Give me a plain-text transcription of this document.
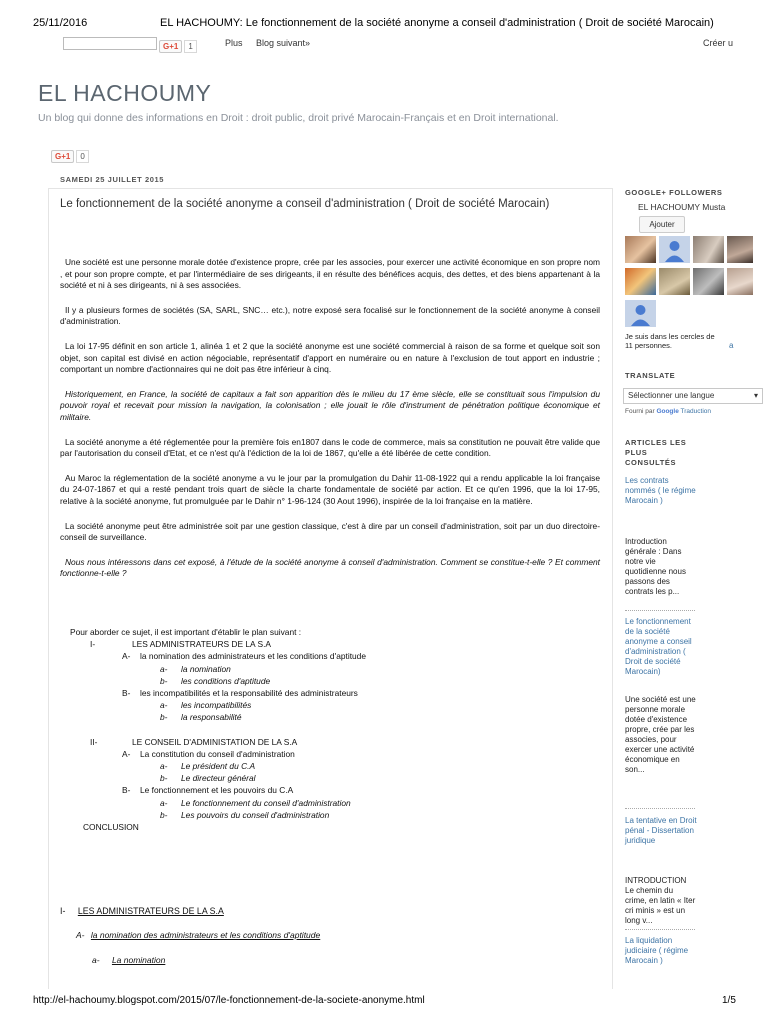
25/11/2016	EL HACHOUMY: Le fonctionnement de la société anonyme a conseil d'administration ( Droit de société Marocain)
G+1 1	Plus Blog suivant»	Créer u
EL HACHOUMY
Un blog qui donne des informations en Droit : droit public, droit privé Marocain-Français et en Droit international.
G+1 0
SAMEDI 25 JUILLET 2015
Le fonctionnement de la société anonyme a conseil d'administration ( Droit de société Marocain)

Une société est une personne morale dotée d'existence propre, crée par les associes, pour exercer une activité économique en son propre nom , et pour son propre compte, et par l'intermédiaire de ses dirigeants, il en résulte des bénéfices acquis, des dettes, et des biens appartenant à la société et ni à ses dirigeants, ni à ses associées.

Il y a plusieurs formes de sociétés (SA, SARL, SNC… etc.), notre exposé sera focalisé sur le fonctionnement de la société anonyme à conseil d'administration.

La loi 17-95 définit en son article 1, alinéa 1 et 2 que la société anonyme est une société commercial à raison de sa forme et quelque soit son objet, son capital est divisé en action négociable, représentatif d'apport en numéraire ou en nature à l'exclusion de tout apport en industrie ; comportant un nombre d'actionnaires qui ne doit pas être inférieur à cinq.

Historiquement, en France, la société de capitaux a fait son apparition dès le milieu du 17 ème siècle, elle se constituait sous l'impulsion du pouvoir royal et recevait pour mission la navigation, la colonisation ; elle jouait le rôle d'instrument de pénétration politique économique et militaire.

La société anonyme a été réglementée pour la première fois en1807 dans le code de commerce, mais sa constitution ne pouvait être valide que par l'autorisation du conseil d'Etat, et ce n'est qu'à l'édiction de la loi de 1867, qu'elle a été libérée de cette condition.

Au Maroc la réglementation de la société anonyme a vu le jour par la promulgation du Dahir 11-08-1922 qui a rendu applicable la loi française du 24-07-1867 et qui a resté pendant trois quart de siècle la charte fondamentale de société par action. Et ce qu'en 1996, que la loi 17-95, relative à la société anonyme, fut promulguée par le Dahir n° 1-96-124 (30 Aout 1996), inspirée de la loi française en la matière.

La société anonyme peut être administrée soit par une gestion classique, c'est à dire par un conseil d'administration, soit par un duo directoire- conseil de surveillance.

Nous nous intéressons dans cet exposé, à l'étude de la société anonyme à conseil d'administration. Comment se constitue-t-elle ? Et comment fonctionne-t-elle ?

Pour aborder ce sujet, il est important d'établir le plan suivant :
I-	LES ADMINISTRATEURS DE LA S.A
A- la nomination des administrateurs et les conditions d'aptitude
a- la nomination
b- les conditions d'aptitude
B- les incompatibilités et la responsabilité des administrateurs
a- les incompatibilités
b- la responsabilité
II-	LE CONSEIL D'ADMINISTATION DE LA S.A
A- La constitution du conseil d'administration
a- Le président du C.A
b- Le directeur général
B- Le fonctionnement et les pouvoirs du C.A
a- Le fonctionnement du conseil d'administration
b- Les pouvoirs du conseil d'administration
CONCLUSION
I- LES ADMINISTRATEURS DE LA S.A
A- la nomination des administrateurs et les conditions d'aptitude
a- La nomination
GOOGLE+ FOLLOWERS
EL HACHOUMY Musta
Ajouter
Je suis dans les cercles de 11 personnes.	a
TRANSLATE
Sélectionner une langue	▾
Fourni par Google Traduction
ARTICLES LES PLUS CONSULTÉS
Les contrats nommés ( le régime Marocain )
Introduction générale : Dans notre vie quotidienne nous passons des contrats les p...
Le fonctionnement de la société anonyme a conseil d'administration ( Droit de société Marocain)
Une société est une personne morale dotée d'existence propre, crée par les associes, pour exercer une activité économique en son...
La tentative en Droit pénal - Dissertation juridique
INTRODUCTION Le chemin du crime, en latin « Iter cri minis » est un long v...
La liquidation judiciaire ( régime Marocain )
http://el-hachoumy.blogspot.com/2015/07/le-fonctionnement-de-la-societe-anonyme.html	1/5
